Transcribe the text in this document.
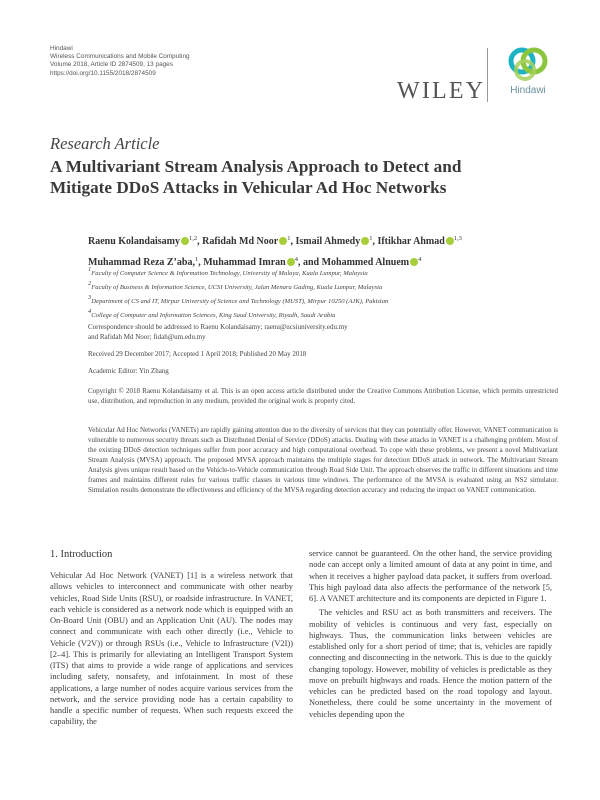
Hindawi
Wireless Communications and Mobile Computing
Volume 2018, Article ID 2874509, 13 pages
https://doi.org/10.1155/2018/2874509
WILEY	Hindawi
Research Article
A Multivariant Stream Analysis Approach to Detect and Mitigate DDoS Attacks in Vehicular Ad Hoc Networks
Raenu Kolandaisamy $^{1,2}$, Rafidah Md Noor $^1$, Ismail Ahmedy $^1$, Iftikhar Ahmad $^{1,3}$
Muhammad Reza Z’aba,$^1$, Muhammad Imran $^4$, and Mohammed Alnuem $^4$
1Faculty of Computer Science & Information Technology, University of Malaya, Kuala Lumpur, Malaysia
2Faculty of Business & Information Science, UCSI University, Jalan Menara Gading, Kuala Lumpur, Malaysia
3Department of CS and IT, Mirpur University of Science and Technology (MUST), Mirpur 10250 (AJK), Pakistan
4College of Computer and Information Sciences, King Saud University, Riyadh, Saudi Arabia
Correspondence should be addressed to Raenu Kolandaisamy; raenu@ucsiuniversity.edu.my
and Rafidah Md Noor; fidah@um.edu.my
Received 29 December 2017; Accepted 1 April 2018; Published 20 May 2018
Academic Editor: Yin Zhang
Copyright © 2018 Raenu Kolandaisamy et al. This is an open access article distributed under the Creative Commons Attribution License, which permits unrestricted use, distribution, and reproduction in any medium, provided the original work is properly cited.
Vehicular Ad Hoc Networks (VANETs) are rapidly gaining attention due to the diversity of services that they can potentially offer. However, VANET communication is vulnerable to numerous security threats such as Distributed Denial of Service (DDoS) attacks. Dealing with these attacks in VANET is a challenging problem. Most of the existing DDoS detection techniques suffer from poor accuracy and high computational overhead. To cope with these problems, we present a novel Multivariant Stream Analysis (MVSA) approach. The proposed MVSA approach maintains the multiple stages for detection DDoS attack in network. The Multivariant Stream Analysis gives unique result based on the Vehicle-to-Vehicle communication through Road Side Unit. The approach observes the traffic in different situations and time frames and maintains different rules for various traffic classes in various time windows. The performance of the MVSA is evaluated using an NS2 simulator. Simulation results demonstrate the effectiveness and efficiency of the MVSA regarding detection accuracy and reducing the impact on VANET communication.
1. Introduction

Vehicular Ad Hoc Network (VANET) [1] is a wireless network that allows vehicles to interconnect and communicate with other nearby vehicles, Road Side Units (RSU), or roadside infrastructure. In VANET, each vehicle is considered as a network node which is equipped with an On-Board Unit (OBU) and an Application Unit (AU). The nodes may connect and communicate with each other directly (i.e., Vehicle to Vehicle (V2V)) or through RSUs (i.e., Vehicle to Infrastructure (V2I)) [2–4]. This is primarily for alleviating an Intelligent Transport System (ITS) that aims to provide a wide range of applications and services including safety, nonsafety, and infotainment. In most of these applications, a large number of nodes acquire various services from the network, and the service providing node has a certain capability to handle a specific number of requests. When such requests exceed the capability, the

service cannot be guaranteed. On the other hand, the service providing node can accept only a limited amount of data at any point in time, and when it receives a higher payload data packet, it suffers from overload. This high payload data also affects the performance of the network [5, 6]. A VANET architecture and its components are depicted in Figure 1.

The vehicles and RSU act as both transmitters and receivers. The mobility of vehicles is continuous and very fast, especially on highways. Thus, the communication links between vehicles are established only for a short period of time; that is, vehicles are rapidly connecting and disconnecting in the network. This is due to the quickly changing topology. However, mobility of vehicles is predictable as they move on prebuilt highways and roads. Hence the motion pattern of the vehicles can be predicted based on the road topology and layout. Nonetheless, there could be some uncertainty in the movement of vehicles depending upon the
